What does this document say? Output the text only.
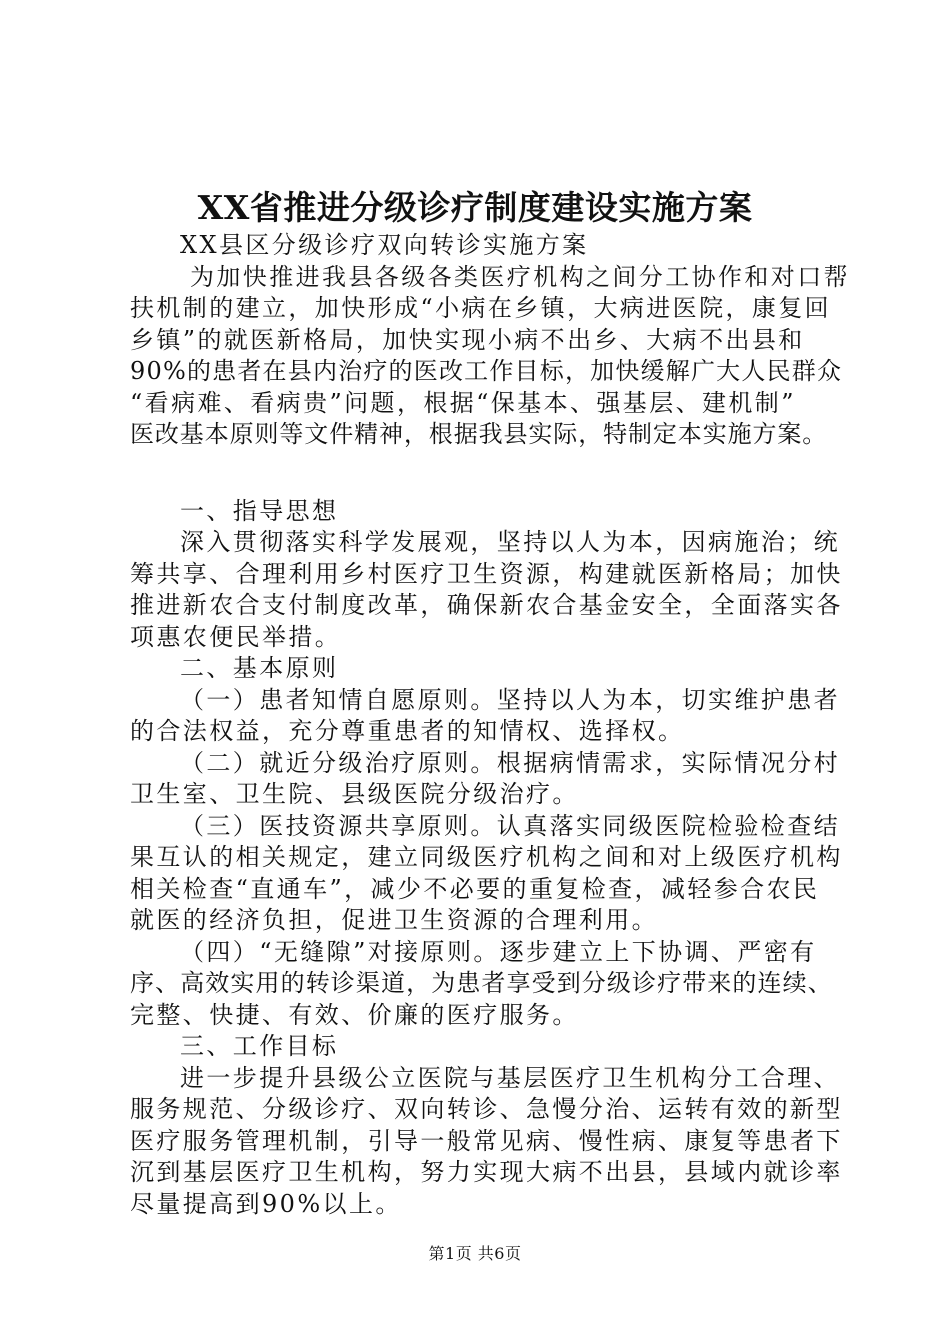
XX省推进分级诊疗制度建设实施方案
XX县区分级诊疗双向转诊实施方案
为加快推进我县各级各类医疗机构之间分工协作和对口帮
扶机制的建立，加快形成“小病在乡镇，大病进医院，康复回
乡镇”的就医新格局，加快实现小病不出乡、大病不出县和
90%的患者在县内治疗的医改工作目标，加快缓解广大人民群众
“看病难、看病贵”问题，根据“保基本、强基层、建机制”
医改基本原则等文件精神，根据我县实际，特制定本实施方案。
一、指导思想
深入贯彻落实科学发展观，坚持以人为本，因病施治；统
筹共享、合理利用乡村医疗卫生资源，构建就医新格局；加快
推进新农合支付制度改革，确保新农合基金安全，全面落实各
项惠农便民举措。
二、基本原则
（一）患者知情自愿原则。坚持以人为本，切实维护患者
的合法权益，充分尊重患者的知情权、选择权。
（二）就近分级治疗原则。根据病情需求，实际情况分村
卫生室、卫生院、县级医院分级治疗。
（三）医技资源共享原则。认真落实同级医院检验检查结
果互认的相关规定，建立同级医疗机构之间和对上级医疗机构
相关检查“直通车”，减少不必要的重复检查，减轻参合农民
就医的经济负担，促进卫生资源的合理利用。
（四）“无缝隙”对接原则。逐步建立上下协调、严密有
序、高效实用的转诊渠道，为患者享受到分级诊疗带来的连续、
完整、快捷、有效、价廉的医疗服务。
三、工作目标
进一步提升县级公立医院与基层医疗卫生机构分工合理、
服务规范、分级诊疗、双向转诊、急慢分治、运转有效的新型
医疗服务管理机制，引导一般常见病、慢性病、康复等患者下
沉到基层医疗卫生机构，努力实现大病不出县，县域内就诊率
尽量提高到90%以上。
第1页 共6页
